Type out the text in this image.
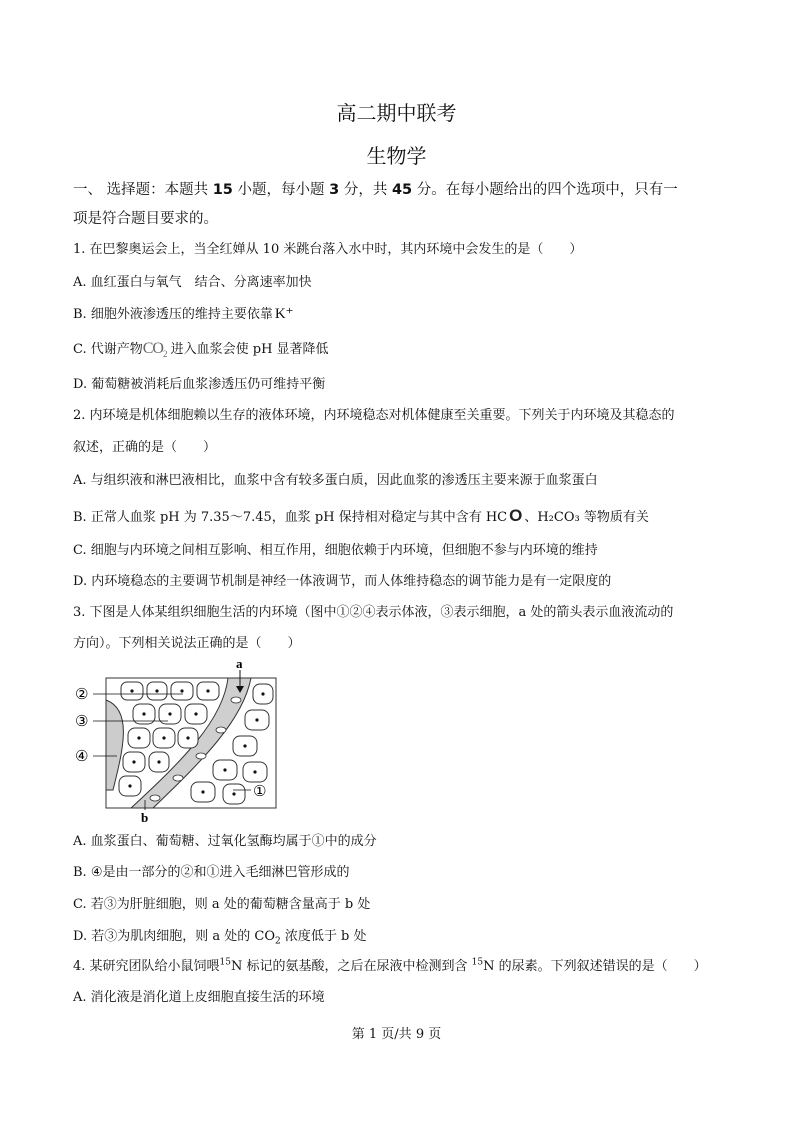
高二期中联考
生物学
一、 选择题：本题共 15 小题，每小题 3 分，共 45 分。在每小题给出的四个选项中，只有一
项是符合题目要求的。
1. 在巴黎奥运会上，当全红婵从 10 米跳台落入水中时，其内环境中会发生的是（　　）
A. 血红蛋白与氧气　结合、分离速率加快
B. 细胞外液渗透压的维持主要依靠 K⁺
C. 代谢产物$CO_2$ 进入血浆会使 pH 显著降低
D. 葡萄糖被消耗后血浆渗透压仍可维持平衡
2. 内环境是机体细胞赖以生存的液体环境，内环境稳态对机体健康至关重要。下列关于内环境及其稳态的
叙述，正确的是（　　）
A. 与组织液和淋巴液相比，血浆中含有较多蛋白质，因此血浆的渗透压主要来源于血浆蛋白
B. 正常人血浆 pH 为 7.35～7.45，血浆 pH 保持相对稳定与其中含有 HC O 、H₂CO₃ 等物质有关
C. 细胞与内环境之间相互影响、相互作用，细胞依赖于内环境，但细胞不参与内环境的维持
D. 内环境稳态的主要调节机制是神经一体液调节，而人体维持稳态的调节能力是有一定限度的
3. 下图是人体某组织细胞生活的内环境（图中①②④表示体液，③表示细胞，a 处的箭头表示血液流动的
方向）。下列相关说法正确的是（　　）
②
③
④
①
a
b
A. 血浆蛋白、葡萄糖、过氧化氢酶均属于①中的成分
B. ④是由一部分的②和①进入毛细淋巴管形成的
C. 若③为肝脏细胞，则 a 处的葡萄糖含量高于 b 处
D. 若③为肌肉细胞，则 a 处的 $CO_2$ 浓度低于 b 处
4. 某研究团队给小鼠饲喂$^{15}$N 标记的氨基酸，之后在尿液中检测到含 $^{15}$N 的尿素。下列叙述错误的是（　　）
A. 消化液是消化道上皮细胞直接生活的环境
第 1 页/共 9 页
